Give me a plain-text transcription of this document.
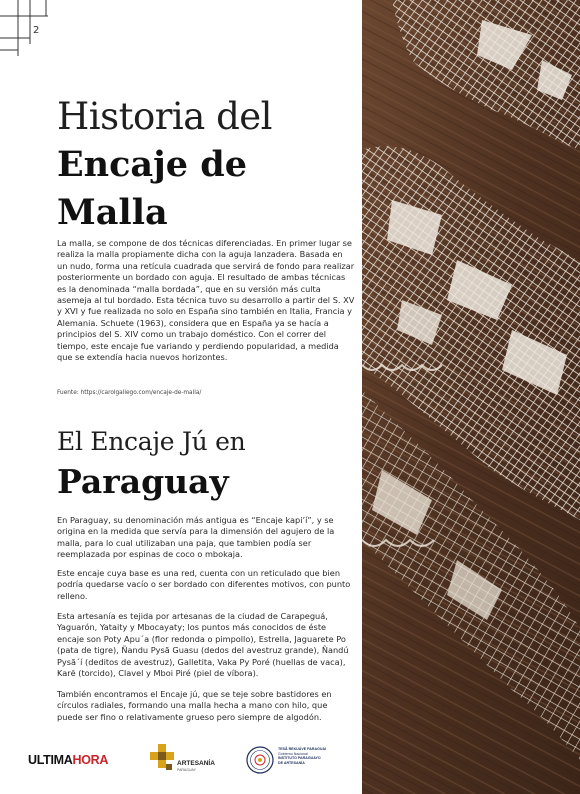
2
Historia del
Encaje de
Malla

La malla, se compone de dos técnicas diferenciadas. En primer lugar se realiza la malla propiamente dicha con la aguja lanzadera. Basada en un nudo, forma una retícula cuadrada que servirá de fondo para realizar posteriormente un bordado con aguja. El resultado de ambas técnicas es la denominada “malla bordada”, que en su versión más culta asemeja al tul bordado. Esta técnica tuvo su desarrollo a partir del S. XV y XVI y fue realizada no solo en España sino también en Italia, Francia y Alemania. Schuete (1963), considera que en España ya se hacía a principios del S. XIV como un trabajo doméstico. Con el correr del tiempo, este encaje fue variando y perdiendo popularidad, a medida que se extendía hacia nuevos horizontes.

Fuente: https://carolgallego.com/encaje-de-malla/
El Encaje Jú en
Paraguay

En Paraguay, su denominación más antigua es “Encaje kapi’í”, y se origina en la medida que servía para la dimensión del agujero de la malla, para lo cual utilizaban una paja, que tambien podía ser reemplazada por espinas de coco o mbokaja.

Este encaje cuya base es una red, cuenta con un reticulado que bien podría quedarse vacío o ser bordado con diferentes motivos, con punto relleno.

Esta artesanía es tejida por artesanas de la ciudad de Carapeguá, Yaguarón, Yataity y Mbocayaty; los puntos más conocidos de éste encaje son Poty Apu´a (flor redonda o pimpollo), Estrella, Jaguarete Po (pata de tigre), Ñandu Pysã Guasu (dedos del avestruz grande), Ñandú Pysã´í (deditos de avestruz), Galletita, Vaka Py Poré (huellas de vaca), Karẽ (torcido), Clavel y Mboi Piré (piel de víbora).

También encontramos el Encaje jú, que se teje sobre bastidores en círculos radiales, formando una malla hecha a mano con hilo, que puede ser fino o relativamente grueso pero siempre de algodón.

ULTIMAHORA	ARTESANÍA
PARAGUAY
TESÃ REKUÁVE PARAGUÁI
Gobierno Nacional
INSTITUTO PARAGUAYO
DE ARTESANÍA
